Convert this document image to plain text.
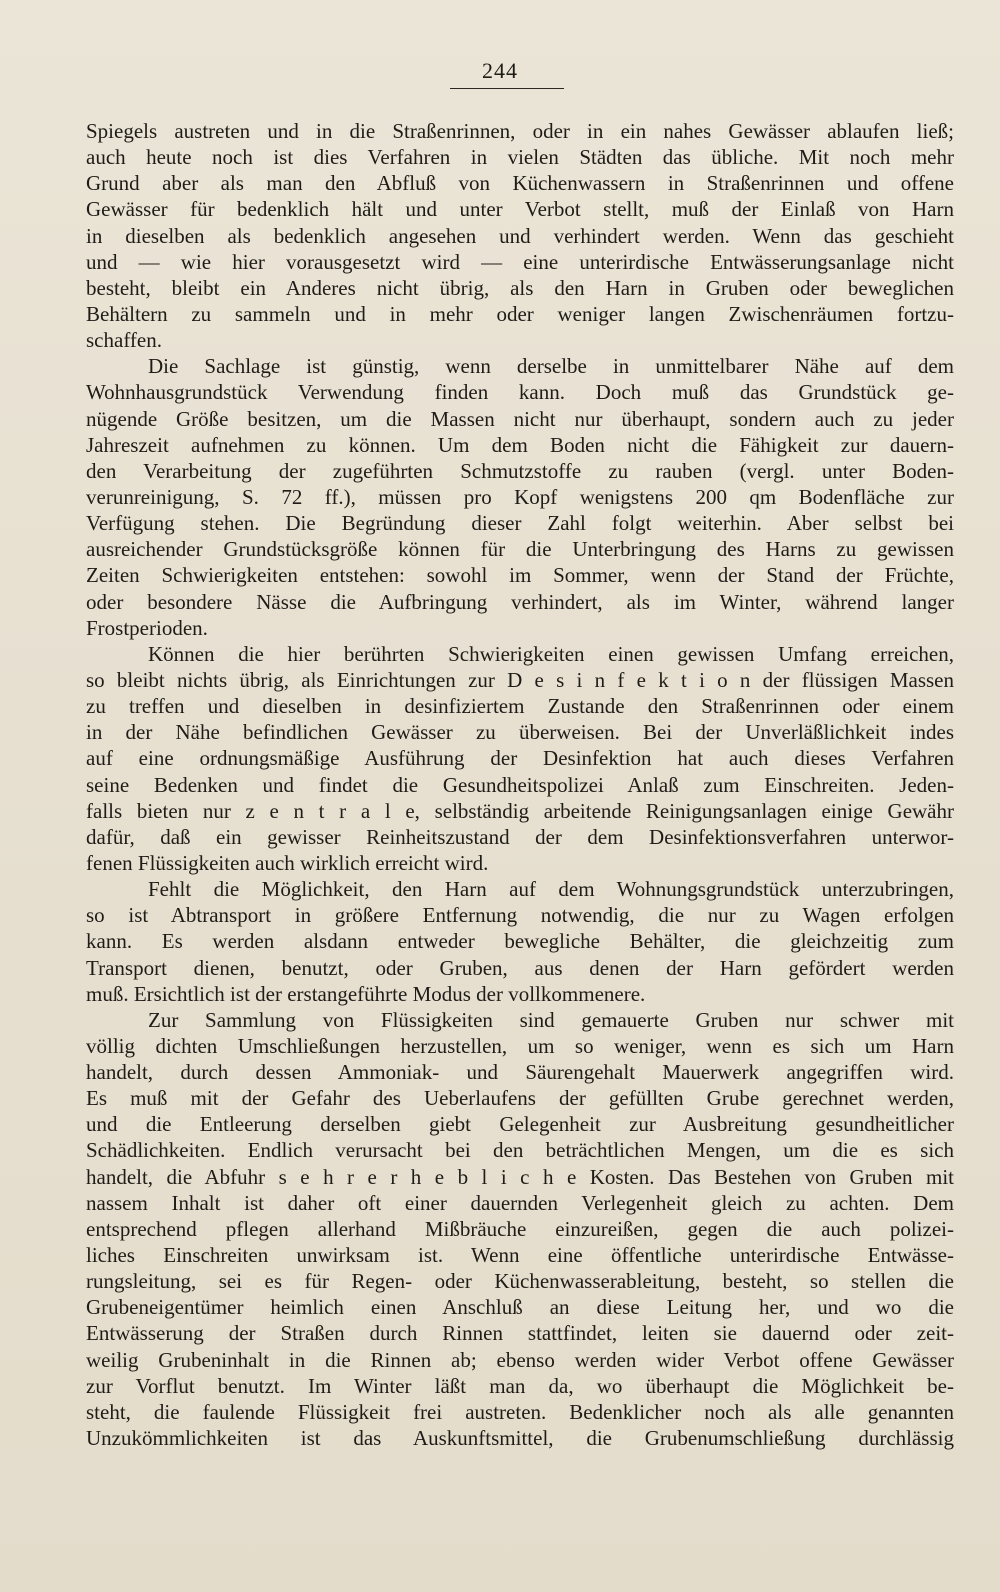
244
Spiegels austreten und in die Straßenrinnen, oder in ein nahes Gewässer ablaufen ließ;
auch heute noch ist dies Verfahren in vielen Städten das übliche. Mit noch mehr
Grund aber als man den Abfluß von Küchenwassern in Straßenrinnen und offene
Gewässer für bedenklich hält und unter Verbot stellt, muß der Einlaß von Harn
in dieselben als bedenklich angesehen und verhindert werden. Wenn das geschieht
und — wie hier vorausgesetzt wird — eine unterirdische Entwässerungsanlage nicht
besteht, bleibt ein Anderes nicht übrig, als den Harn in Gruben oder beweglichen
Behältern zu sammeln und in mehr oder weniger langen Zwischenräumen fortzu-
schaffen.
Die Sachlage ist günstig, wenn derselbe in unmittelbarer Nähe auf dem
Wohnhausgrundstück Verwendung finden kann. Doch muß das Grundstück ge-
nügende Größe besitzen, um die Massen nicht nur überhaupt, sondern auch zu jeder
Jahreszeit aufnehmen zu können. Um dem Boden nicht die Fähigkeit zur dauern-
den Verarbeitung der zugeführten Schmutzstoffe zu rauben (vergl. unter Boden-
verunreinigung, S. 72 ff.), müssen pro Kopf wenigstens 200 qm Bodenfläche zur
Verfügung stehen. Die Begründung dieser Zahl folgt weiterhin. Aber selbst bei
ausreichender Grundstücksgröße können für die Unterbringung des Harns zu gewissen
Zeiten Schwierigkeiten entstehen: sowohl im Sommer, wenn der Stand der Früchte,
oder besondere Nässe die Aufbringung verhindert, als im Winter, während langer
Frostperioden.
Können die hier berührten Schwierigkeiten einen gewissen Umfang erreichen,
so bleibt nichts übrig, als Einrichtungen zur D e s i n f e k t i o n der flüssigen Massen
zu treffen und dieselben in desinfiziertem Zustande den Straßenrinnen oder einem
in der Nähe befindlichen Gewässer zu überweisen. Bei der Unverläßlichkeit indes
auf eine ordnungsmäßige Ausführung der Desinfektion hat auch dieses Verfahren
seine Bedenken und findet die Gesundheitspolizei Anlaß zum Einschreiten. Jeden-
falls bieten nur z e n t r a l e, selbständig arbeitende Reinigungsanlagen einige Gewähr
dafür, daß ein gewisser Reinheitszustand der dem Desinfektionsverfahren unterwor-
fenen Flüssigkeiten auch wirklich erreicht wird.
Fehlt die Möglichkeit, den Harn auf dem Wohnungsgrundstück unterzubringen,
so ist Abtransport in größere Entfernung notwendig, die nur zu Wagen erfolgen
kann. Es werden alsdann entweder bewegliche Behälter, die gleichzeitig zum
Transport dienen, benutzt, oder Gruben, aus denen der Harn gefördert werden
muß. Ersichtlich ist der erstangeführte Modus der vollkommenere.
Zur Sammlung von Flüssigkeiten sind gemauerte Gruben nur schwer mit
völlig dichten Umschließungen herzustellen, um so weniger, wenn es sich um Harn
handelt, durch dessen Ammoniak- und Säurengehalt Mauerwerk angegriffen wird.
Es muß mit der Gefahr des Ueberlaufens der gefüllten Grube gerechnet werden,
und die Entleerung derselben giebt Gelegenheit zur Ausbreitung gesundheitlicher
Schädlichkeiten. Endlich verursacht bei den beträchtlichen Mengen, um die es sich
handelt, die Abfuhr s e h r e r h e b l i c h e Kosten. Das Bestehen von Gruben mit
nassem Inhalt ist daher oft einer dauernden Verlegenheit gleich zu achten. Dem
entsprechend pflegen allerhand Mißbräuche einzureißen, gegen die auch polizei-
liches Einschreiten unwirksam ist. Wenn eine öffentliche unterirdische Entwässe-
rungsleitung, sei es für Regen- oder Küchenwasserableitung, besteht, so stellen die
Grubeneigentümer heimlich einen Anschluß an diese Leitung her, und wo die
Entwässerung der Straßen durch Rinnen stattfindet, leiten sie dauernd oder zeit-
weilig Grubeninhalt in die Rinnen ab; ebenso werden wider Verbot offene Gewässer
zur Vorflut benutzt. Im Winter läßt man da, wo überhaupt die Möglichkeit be-
steht, die faulende Flüssigkeit frei austreten. Bedenklicher noch als alle genannten
Unzukömmlichkeiten ist das Auskunftsmittel, die Grubenumschließung durchlässig
